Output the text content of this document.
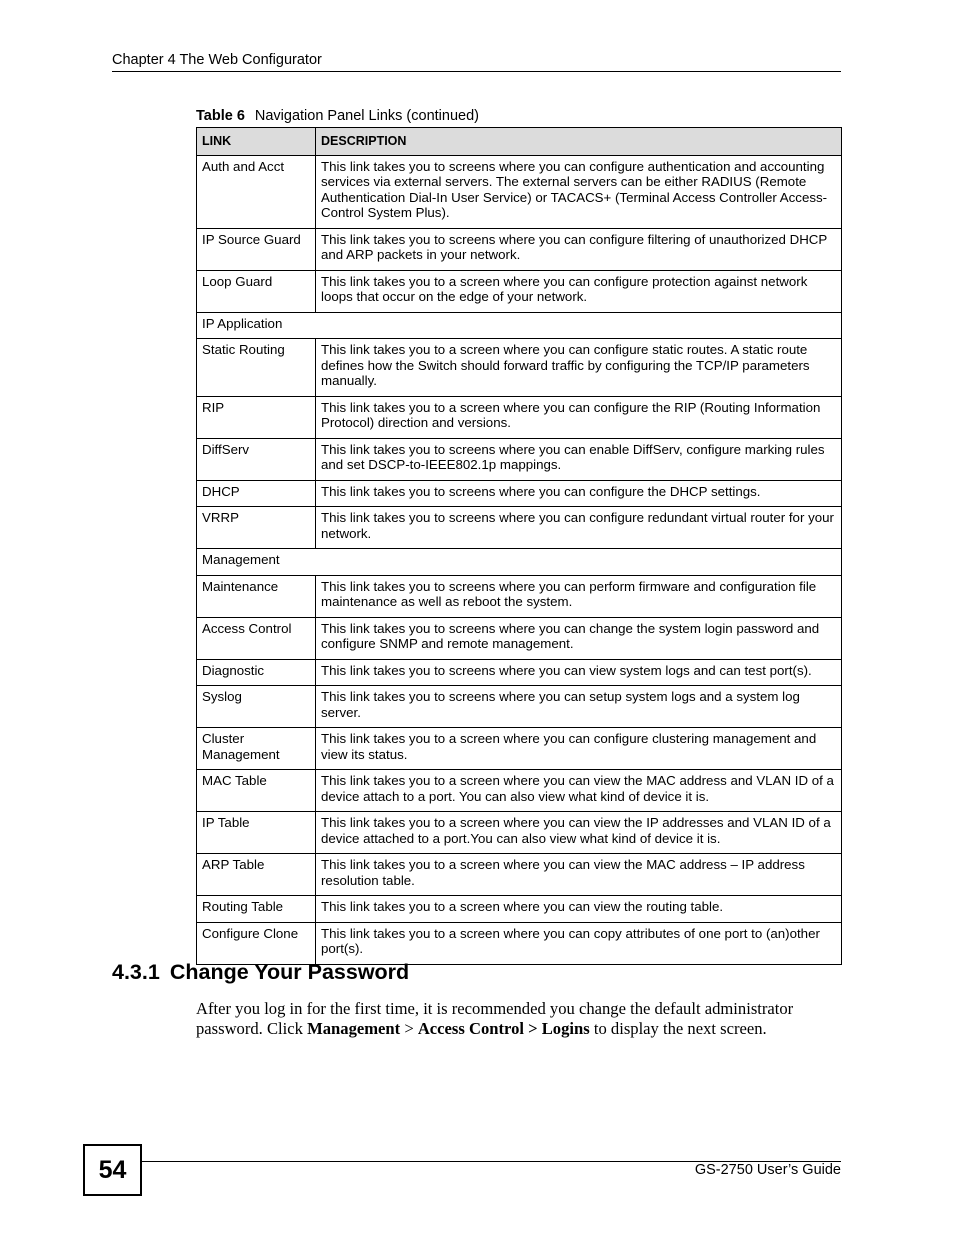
Chapter 4 The Web Configurator
Table 6 Navigation Panel Links (continued)
LINK	DESCRIPTION
Auth and Acct	This link takes you to screens where you can configure authentication and accounting services via external servers. The external servers can be either RADIUS (Remote Authentication Dial-In User Service) or TACACS+ (Terminal Access Controller Access-Control System Plus).
IP Source Guard	This link takes you to screens where you can configure filtering of unauthorized DHCP and ARP packets in your network.
Loop Guard	This link takes you to a screen where you can configure protection against network loops that occur on the edge of your network.
IP Application	
Static Routing	This link takes you to a screen where you can configure static routes. A static route defines how the Switch should forward traffic by configuring the TCP/IP parameters manually.
RIP	This link takes you to a screen where you can configure the RIP (Routing Information Protocol) direction and versions.
DiffServ	This link takes you to screens where you can enable DiffServ, configure marking rules and set DSCP-to-IEEE802.1p mappings.
DHCP	This link takes you to screens where you can configure the DHCP settings.
VRRP	This link takes you to screens where you can configure redundant virtual router for your network.
Management	
Maintenance	This link takes you to screens where you can perform firmware and configuration file maintenance as well as reboot the system.
Access Control	This link takes you to screens where you can change the system login password and configure SNMP and remote management.
Diagnostic	This link takes you to screens where you can view system logs and can test port(s).
Syslog	This link takes you to screens where you can setup system logs and a system log server.
Cluster Management	This link takes you to a screen where you can configure clustering management and view its status.
MAC Table	This link takes you to a screen where you can view the MAC address and VLAN ID of a device attach to a port. You can also view what kind of device it is.
IP Table	This link takes you to a screen where you can view the IP addresses and VLAN ID of a device attached to a port.You can also view what kind of device it is.
ARP Table	This link takes you to a screen where you can view the MAC address – IP address resolution table.
Routing Table	This link takes you to a screen where you can view the routing table.
Configure Clone	This link takes you to a screen where you can copy attributes of one port to (an)other port(s).
4.3.1 Change Your Password
After you log in for the first time, it is recommended you change the default administrator password. Click Management > Access Control > Logins to display the next screen.
54	GS-2750 User’s Guide
